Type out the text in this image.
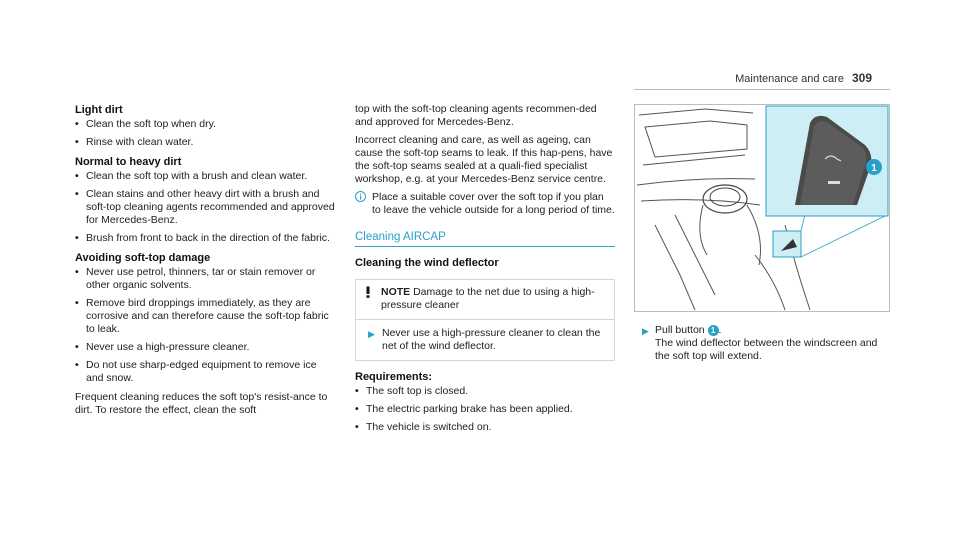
Maintenance and care 309
Light dirt
• Clean the soft top when dry.
• Rinse with clean water.
Normal to heavy dirt
• Clean the soft top with a brush and clean water.
• Clean stains and other heavy dirt with a brush and soft-top cleaning agents recommended and approved for Mercedes-Benz.
• Brush from front to back in the direction of the fabric.
Avoiding soft-top damage
• Never use petrol, thinners, tar or stain remover or other organic solvents.
• Remove bird droppings immediately, as they are corrosive and can therefore cause the soft-top fabric to leak.
• Never use a high-pressure cleaner.
• Do not use sharp-edged equipment to remove ice and snow.

Frequent cleaning reduces the soft top's resist-ance to dirt. To restore the effect, clean the soft

top with the soft-top cleaning agents recommen-ded and approved for Mercedes-Benz.

Incorrect cleaning and care, as well as ageing, can cause the soft-top seams to leak. If this hap-pens, have the soft-top seams sealed at a quali-fied specialist workshop, e.g. at your Mercedes-Benz service centre.

Place a suitable cover over the soft top if you plan to leave the vehicle outside for a long period of time.
Cleaning AIRCAP
Cleaning the wind deflector
NOTE Damage to the net due to using a high-pressure cleaner
▶ Never use a high-pressure cleaner to clean the net of the wind deflector.
Requirements:
• The soft top is closed.
• The electric parking brake has been applied.
• The vehicle is switched on.
1
▶ Pull button 1 .
The wind deflector between the windscreen and the soft top will extend.
